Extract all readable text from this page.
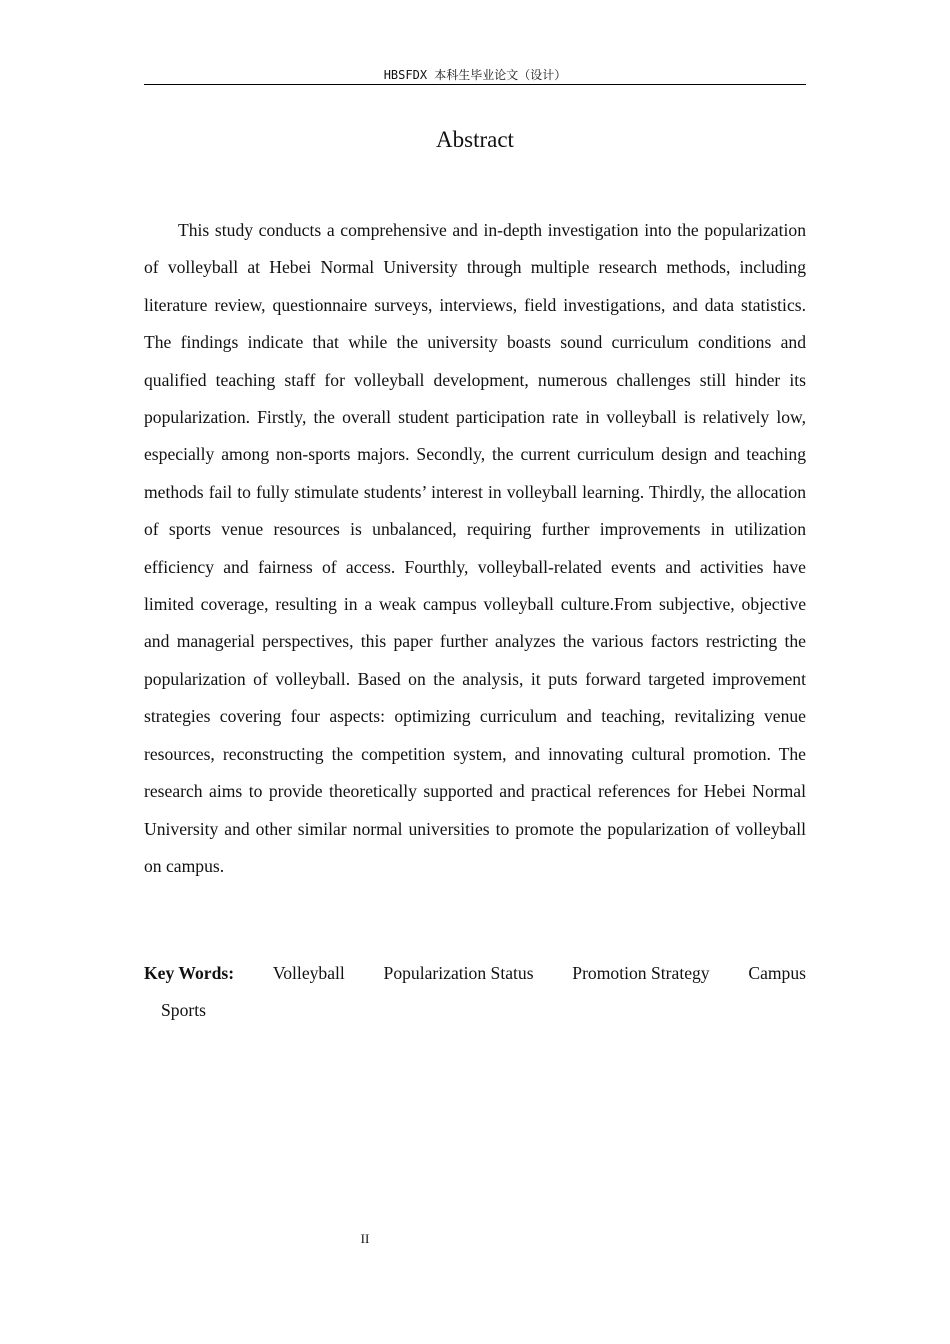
HBSFDX 本科生毕业论文（设计）
Abstract

This study conducts a comprehensive and in-depth investigation into the popularization of volleyball at Hebei Normal University through multiple research methods, including literature review, questionnaire surveys, interviews, field investigations, and data statistics. The findings indicate that while the university boasts sound curriculum conditions and qualified teaching staff for volleyball development, numerous challenges still hinder its popularization. Firstly, the overall student participation rate in volleyball is relatively low, especially among non-sports majors. Secondly, the current curriculum design and teaching methods fail to fully stimulate students’ interest in volleyball learning. Thirdly, the allocation of sports venue resources is unbalanced, requiring further improvements in utilization efficiency and fairness of access. Fourthly, volleyball-related events and activities have limited coverage, resulting in a weak campus volleyball culture.From subjective, objective and managerial perspectives, this paper further analyzes the various factors restricting the popularization of volleyball. Based on the analysis, it puts forward targeted improvement strategies covering four aspects: optimizing curriculum and teaching, revitalizing venue resources, reconstructing the competition system, and innovating cultural promotion. The research aims to provide theoretically supported and practical references for Hebei Normal University and other similar normal universities to promote the popularization of volleyball on campus.

Key Words: Volleyball Popularization Status Promotion Strategy Campus
Sports
II
